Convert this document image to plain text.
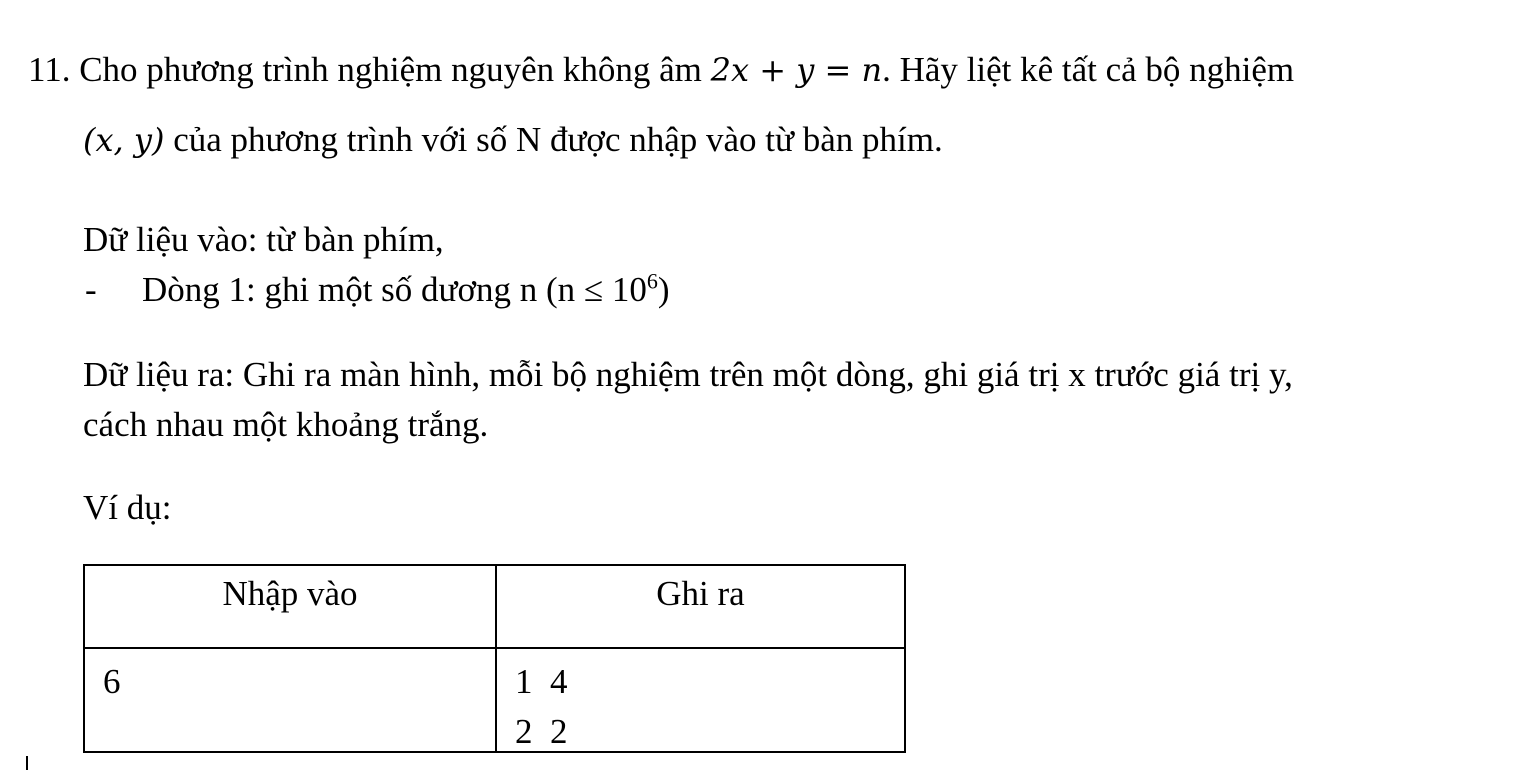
11. Cho phương trình nghiệm nguyên không âm 2x + y = n. Hãy liệt kê tất cả bộ nghiệm
(x, y) của phương trình với số N được nhập vào từ bàn phím.
Dữ liệu vào: từ bàn phím,
- Dòng 1: ghi một số dương n $(n \le 10^6)$
Dữ liệu ra: Ghi ra màn hình, mỗi bộ nghiệm trên một dòng, ghi giá trị x trước giá trị y,
cách nhau một khoảng trắng.
Ví dụ:
Nhập vào	Ghi ra
6	1  4
2  2
